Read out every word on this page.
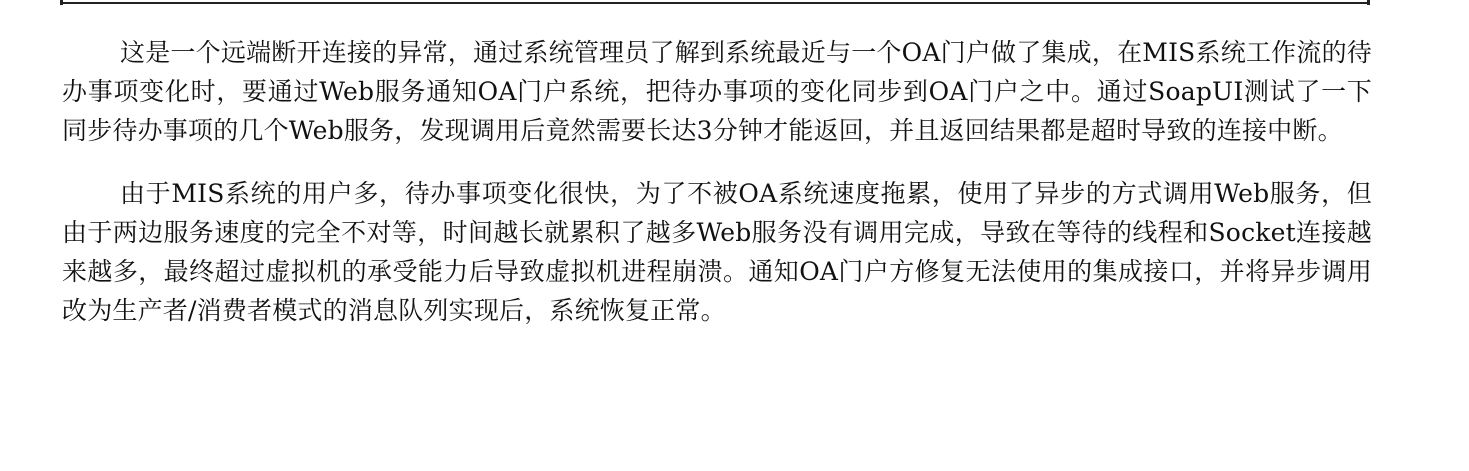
这是一个远端断开连接的异常，通过系统管理员了解到系统最近与一个OA门户做了集成，在MIS系统工作流的待办事项变化时，要通过Web服务通知OA门户系统，把待办事项的变化同步到OA门户之中。通过SoapUI测试了一下同步待办事项的几个Web服务，发现调用后竟然需要长达3分钟才能返回，并且返回结果都是超时导致的连接中断。

由于MIS系统的用户多，待办事项变化很快，为了不被OA系统速度拖累，使用了异步的方式调用Web服务，但由于两边服务速度的完全不对等，时间越长就累积了越多Web服务没有调用完成，导致在等待的线程和Socket连接越来越多，最终超过虚拟机的承受能力后导致虚拟机进程崩溃。通知OA门户方修复无法使用的集成接口，并将异步调用改为生产者/消费者模式的消息队列实现后，系统恢复正常。
